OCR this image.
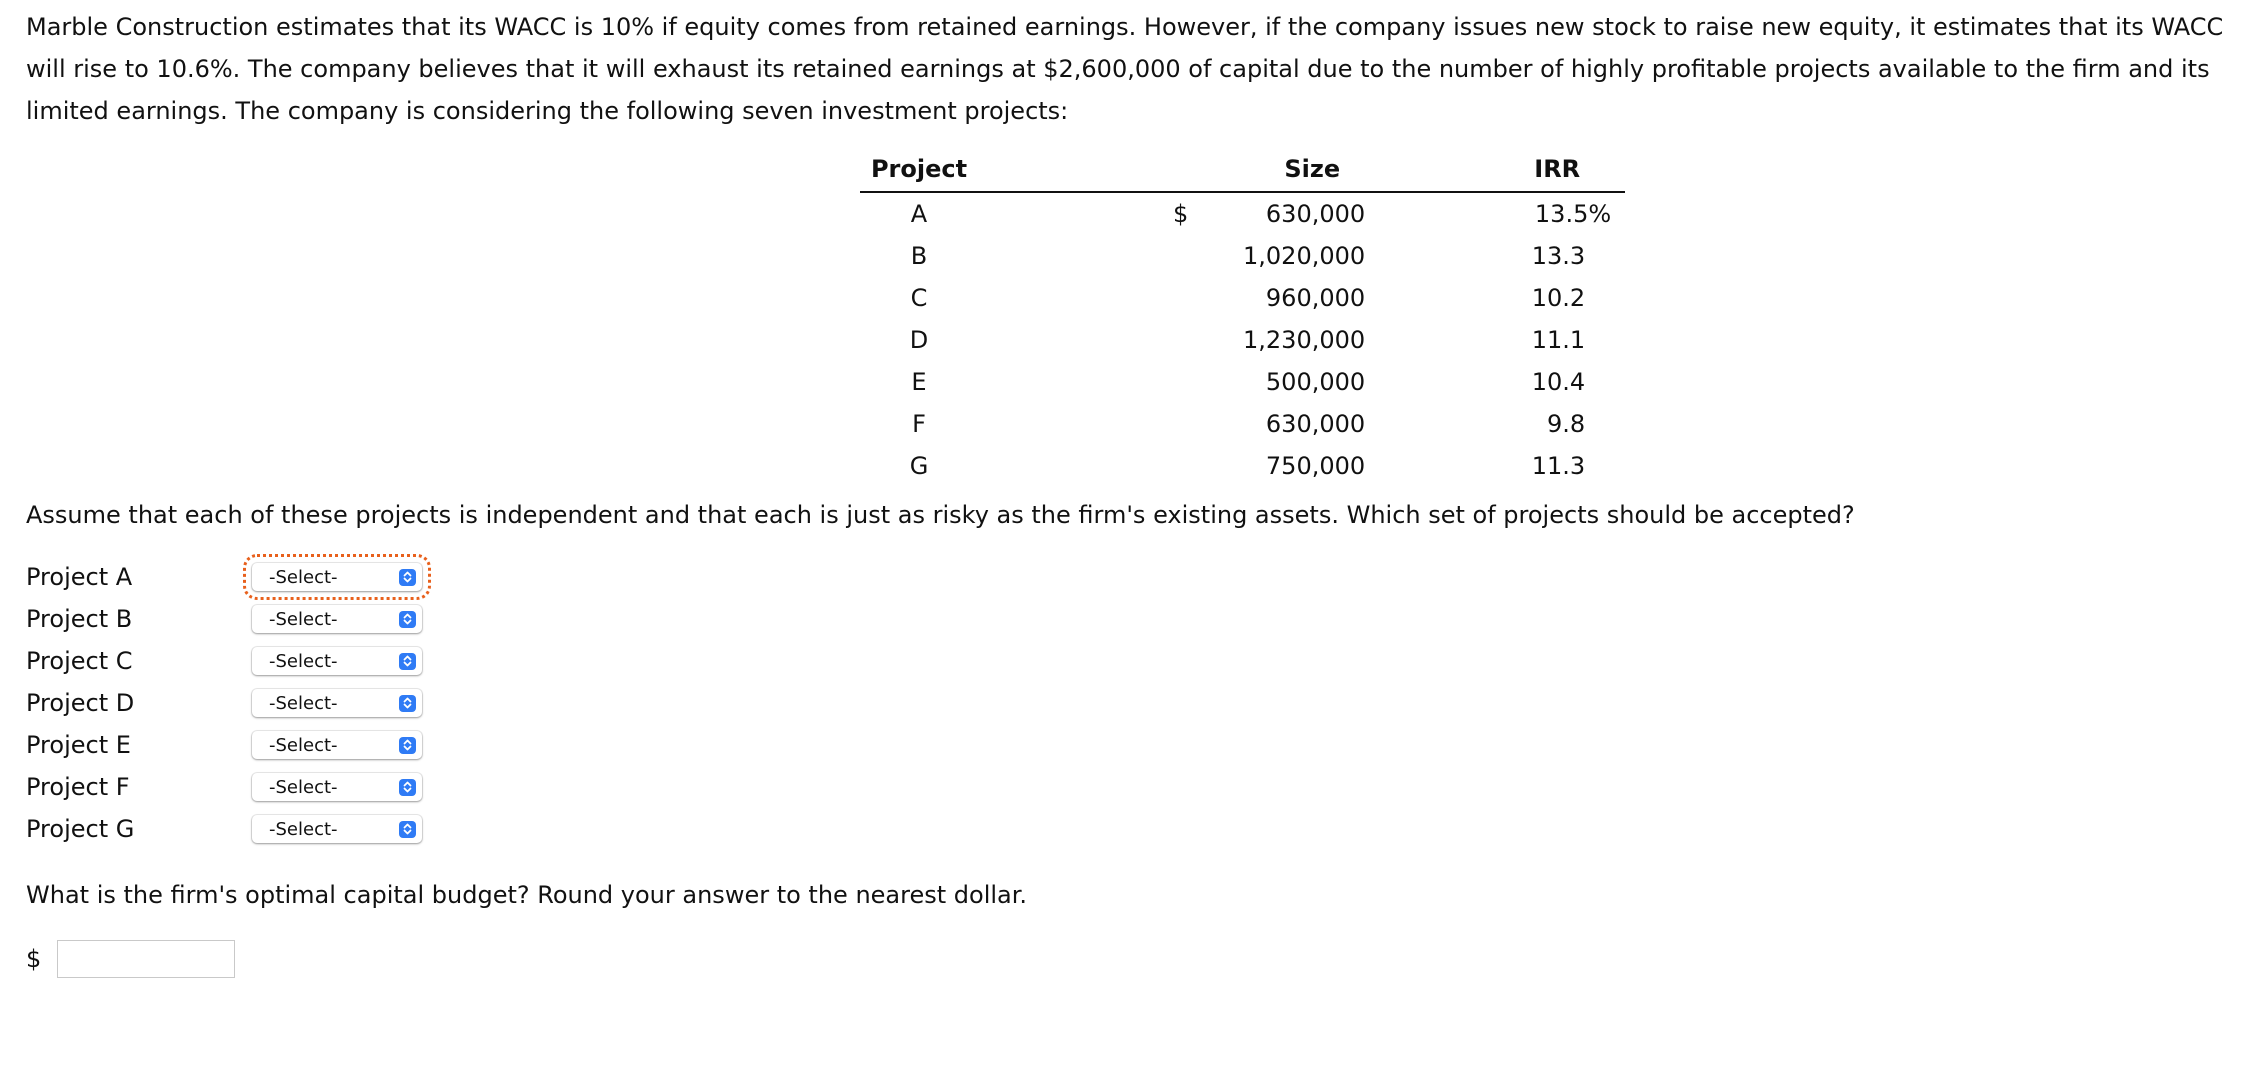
Marble Construction estimates that its WACC is 10% if equity comes from retained earnings. However, if the company issues new stock to raise new equity, it estimates that its WACC will rise to 10.6%. The company believes that it will exhaust its retained earnings at $2,600,000 of capital due to the number of highly profitable projects available to the firm and its limited earnings. The company is considering the following seven investment projects:

Project	Size	IRR
A	$ 630,000	13.5%
B	1,020,000	13.3
C	960,000	10.2
D	1,230,000	11.1
E	500,000	10.4
F	630,000	9.8
G	750,000	11.3

Assume that each of these projects is independent and that each is just as risky as the firm's existing assets. Which set of projects should be accepted?

Project A	-Select-
Project B	-Select-
Project C	-Select-
Project D	-Select-
Project E	-Select-
Project F	-Select-
Project G	-Select-

What is the firm's optimal capital budget? Round your answer to the nearest dollar.

$
